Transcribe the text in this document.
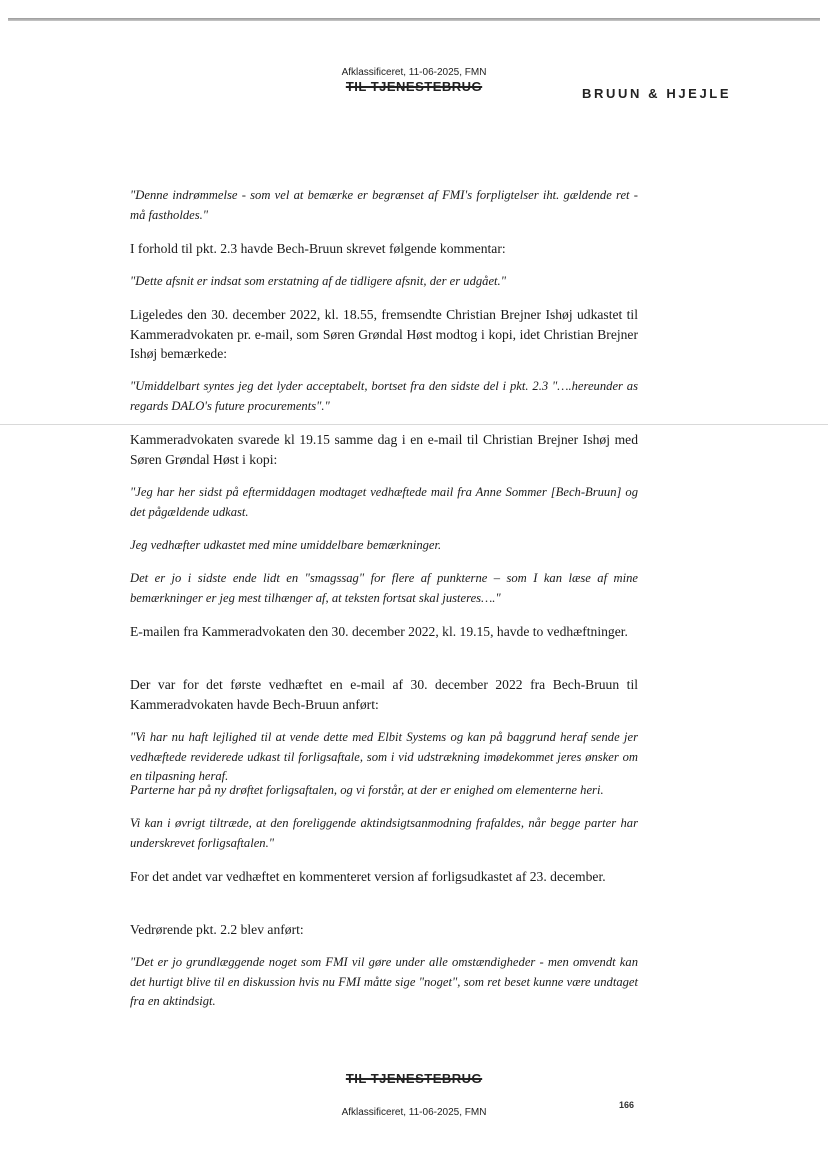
Afklassificeret, 11-06-2025, FMN
TIL TJENESTEBRUG	BRUUN & HJEJLE

"Denne indrømmelse - som vel at bemærke er begrænset af FMI's forpligtelser iht. gældende ret - må fastholdes."

I forhold til pkt. 2.3 havde Bech-Bruun skrevet følgende kommentar:

"Dette afsnit er indsat som erstatning af de tidligere afsnit, der er udgået."

Ligeledes den 30. december 2022, kl. 18.55, fremsendte Christian Brejner Ishøj udkastet til Kammeradvokaten pr. e-mail, som Søren Grøndal Høst modtog i kopi, idet Christian Brejner Ishøj bemærkede:

"Umiddelbart syntes jeg det lyder acceptabelt, bortset fra den sidste del i pkt. 2.3 "….hereunder as regards DALO's future procurements"."

Kammeradvokaten svarede kl 19.15 samme dag i en e-mail til Christian Brejner Ishøj med Søren Grøndal Høst i kopi:

"Jeg har her sidst på eftermiddagen modtaget vedhæftede mail fra Anne Sommer [Bech-Bruun] og det pågældende udkast.

Jeg vedhæfter udkastet med mine umiddelbare bemærkninger.

Det er jo i sidste ende lidt en "smagssag" for flere af punkterne – som I kan læse af mine bemærkninger er jeg mest tilhænger af, at teksten fortsat skal justeres…."

E-mailen fra Kammeradvokaten den 30. december 2022, kl. 19.15, havde to vedhæftninger.

Der var for det første vedhæftet en e-mail af 30. december 2022 fra Bech-Bruun til Kammeradvokaten havde Bech-Bruun anført:

"Vi har nu haft lejlighed til at vende dette med Elbit Systems og kan på baggrund heraf sende jer vedhæftede reviderede udkast til forligsaftale, som i vid udstrækning imødekommet jeres ønsker om en tilpasning heraf.

Parterne har på ny drøftet forligsaftalen, og vi forstår, at der er enighed om elementerne heri.

Vi kan i øvrigt tiltræde, at den foreliggende aktindsigtsanmodning frafaldes, når begge parter har underskrevet forligsaftalen."

For det andet var vedhæftet en kommenteret version af forligsudkastet af 23. december.

Vedrørende pkt. 2.2 blev anført:

"Det er jo grundlæggende noget som FMI vil gøre under alle omstændigheder - men omvendt kan det hurtigt blive til en diskussion hvis nu FMI måtte sige "noget", som ret beset kunne være undtaget fra en aktindsigt.

TIL TJENESTEBRUG
Afklassificeret, 11-06-2025, FMN
166
